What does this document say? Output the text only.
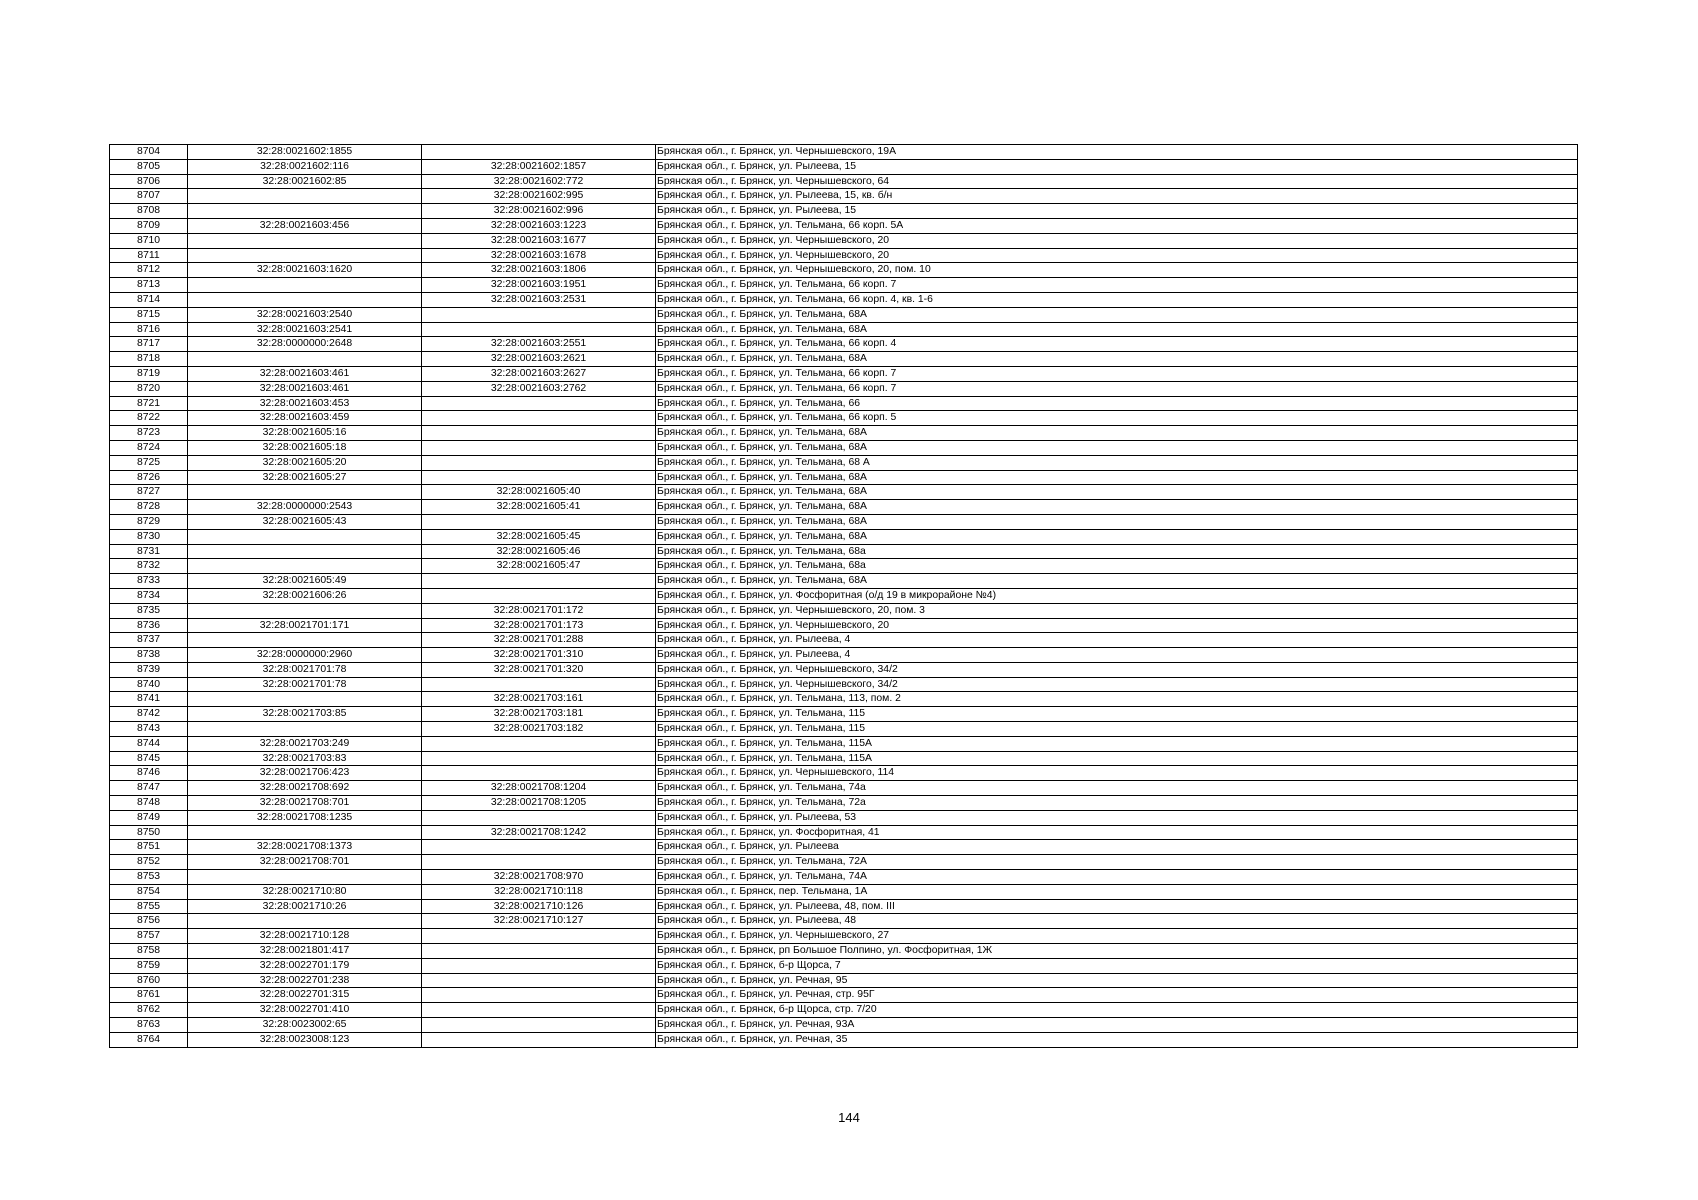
8704	32:28:0021602:1855		Брянская обл., г. Брянск, ул. Чернышевского, 19А
8705	32:28:0021602:116	32:28:0021602:1857	Брянская обл., г. Брянск, ул. Рылеева, 15
8706	32:28:0021602:85	32:28:0021602:772	Брянская обл., г. Брянск, ул. Чернышевского, 64
8707		32:28:0021602:995	Брянская обл., г. Брянск, ул. Рылеева, 15, кв. б/н
8708		32:28:0021602:996	Брянская обл., г. Брянск, ул. Рылеева, 15
8709	32:28:0021603:456	32:28:0021603:1223	Брянская обл., г. Брянск, ул. Тельмана, 66 корп. 5А
8710		32:28:0021603:1677	Брянская обл., г. Брянск, ул. Чернышевского, 20
8711		32:28:0021603:1678	Брянская обл., г. Брянск, ул. Чернышевского, 20
8712	32:28:0021603:1620	32:28:0021603:1806	Брянская обл., г. Брянск, ул. Чернышевского, 20, пом. 10
8713		32:28:0021603:1951	Брянская обл., г. Брянск, ул. Тельмана, 66 корп. 7
8714		32:28:0021603:2531	Брянская обл., г. Брянск, ул. Тельмана, 66 корп. 4, кв. 1-6
8715	32:28:0021603:2540		Брянская обл., г. Брянск, ул. Тельмана, 68А
8716	32:28:0021603:2541		Брянская обл., г. Брянск, ул. Тельмана, 68А
8717	32:28:0000000:2648	32:28:0021603:2551	Брянская обл., г. Брянск, ул. Тельмана, 66 корп. 4
8718		32:28:0021603:2621	Брянская обл., г. Брянск, ул. Тельмана, 68А
8719	32:28:0021603:461	32:28:0021603:2627	Брянская обл., г. Брянск, ул. Тельмана, 66 корп. 7
8720	32:28:0021603:461	32:28:0021603:2762	Брянская обл., г. Брянск, ул. Тельмана, 66 корп. 7
8721	32:28:0021603:453		Брянская обл., г. Брянск, ул. Тельмана, 66
8722	32:28:0021603:459		Брянская обл., г. Брянск, ул. Тельмана, 66 корп. 5
8723	32:28:0021605:16		Брянская обл., г. Брянск, ул. Тельмана, 68А
8724	32:28:0021605:18		Брянская обл., г. Брянск, ул. Тельмана, 68А
8725	32:28:0021605:20		Брянская обл., г. Брянск, ул. Тельмана, 68 А
8726	32:28:0021605:27		Брянская обл., г. Брянск, ул. Тельмана, 68А
8727		32:28:0021605:40	Брянская обл., г. Брянск, ул. Тельмана, 68А
8728	32:28:0000000:2543	32:28:0021605:41	Брянская обл., г. Брянск, ул. Тельмана, 68А
8729	32:28:0021605:43		Брянская обл., г. Брянск, ул. Тельмана, 68А
8730		32:28:0021605:45	Брянская обл., г. Брянск, ул. Тельмана, 68А
8731		32:28:0021605:46	Брянская обл., г. Брянск, ул. Тельмана, 68а
8732		32:28:0021605:47	Брянская обл., г. Брянск, ул. Тельмана, 68а
8733	32:28:0021605:49		Брянская обл., г. Брянск, ул. Тельмана, 68А
8734	32:28:0021606:26		Брянская обл., г. Брянск, ул. Фосфоритная (о/д 19 в микрорайоне №4)
8735		32:28:0021701:172	Брянская обл., г. Брянск, ул. Чернышевского, 20, пом. 3
8736	32:28:0021701:171	32:28:0021701:173	Брянская обл., г. Брянск, ул. Чернышевского, 20
8737		32:28:0021701:288	Брянская обл., г. Брянск, ул. Рылеева, 4
8738	32:28:0000000:2960	32:28:0021701:310	Брянская обл., г. Брянск, ул. Рылеева, 4
8739	32:28:0021701:78	32:28:0021701:320	Брянская обл., г. Брянск, ул. Чернышевского, 34/2
8740	32:28:0021701:78		Брянская обл., г. Брянск, ул. Чернышевского, 34/2
8741		32:28:0021703:161	Брянская обл., г. Брянск, ул. Тельмана, 113, пом. 2
8742	32:28:0021703:85	32:28:0021703:181	Брянская обл., г. Брянск, ул. Тельмана, 115
8743		32:28:0021703:182	Брянская обл., г. Брянск, ул. Тельмана, 115
8744	32:28:0021703:249		Брянская обл., г. Брянск, ул. Тельмана, 115А
8745	32:28:0021703:83		Брянская обл., г. Брянск, ул. Тельмана, 115А
8746	32:28:0021706:423		Брянская обл., г. Брянск, ул. Чернышевского, 114
8747	32:28:0021708:692	32:28:0021708:1204	Брянская обл., г. Брянск, ул. Тельмана, 74а
8748	32:28:0021708:701	32:28:0021708:1205	Брянская обл., г. Брянск, ул. Тельмана, 72а
8749	32:28:0021708:1235		Брянская обл., г. Брянск, ул. Рылеева, 53
8750		32:28:0021708:1242	Брянская обл., г. Брянск, ул. Фосфоритная, 41
8751	32:28:0021708:1373		Брянская обл., г. Брянск, ул. Рылеева
8752	32:28:0021708:701		Брянская обл., г. Брянск, ул. Тельмана, 72А
8753		32:28:0021708:970	Брянская обл., г. Брянск, ул. Тельмана, 74А
8754	32:28:0021710:80	32:28:0021710:118	Брянская обл., г. Брянск, пер. Тельмана, 1А
8755	32:28:0021710:26	32:28:0021710:126	Брянская обл., г. Брянск, ул. Рылеева, 48, пом. III
8756		32:28:0021710:127	Брянская обл., г. Брянск, ул. Рылеева, 48
8757	32:28:0021710:128		Брянская обл., г. Брянск, ул. Чернышевского, 27
8758	32:28:0021801:417		Брянская обл., г. Брянск, рп Большое Полпино, ул. Фосфоритная, 1Ж
8759	32:28:0022701:179		Брянская обл., г. Брянск, б-р Щорса, 7
8760	32:28:0022701:238		Брянская обл., г. Брянск, ул. Речная, 95
8761	32:28:0022701:315		Брянская обл., г. Брянск, ул. Речная, стр. 95Г
8762	32:28:0022701:410		Брянская обл., г. Брянск, б-р Щорса, стр. 7/20
8763	32:28:0023002:65		Брянская обл., г. Брянск, ул. Речная, 93А
8764	32:28:0023008:123		Брянская обл., г. Брянск, ул. Речная, 35
144
